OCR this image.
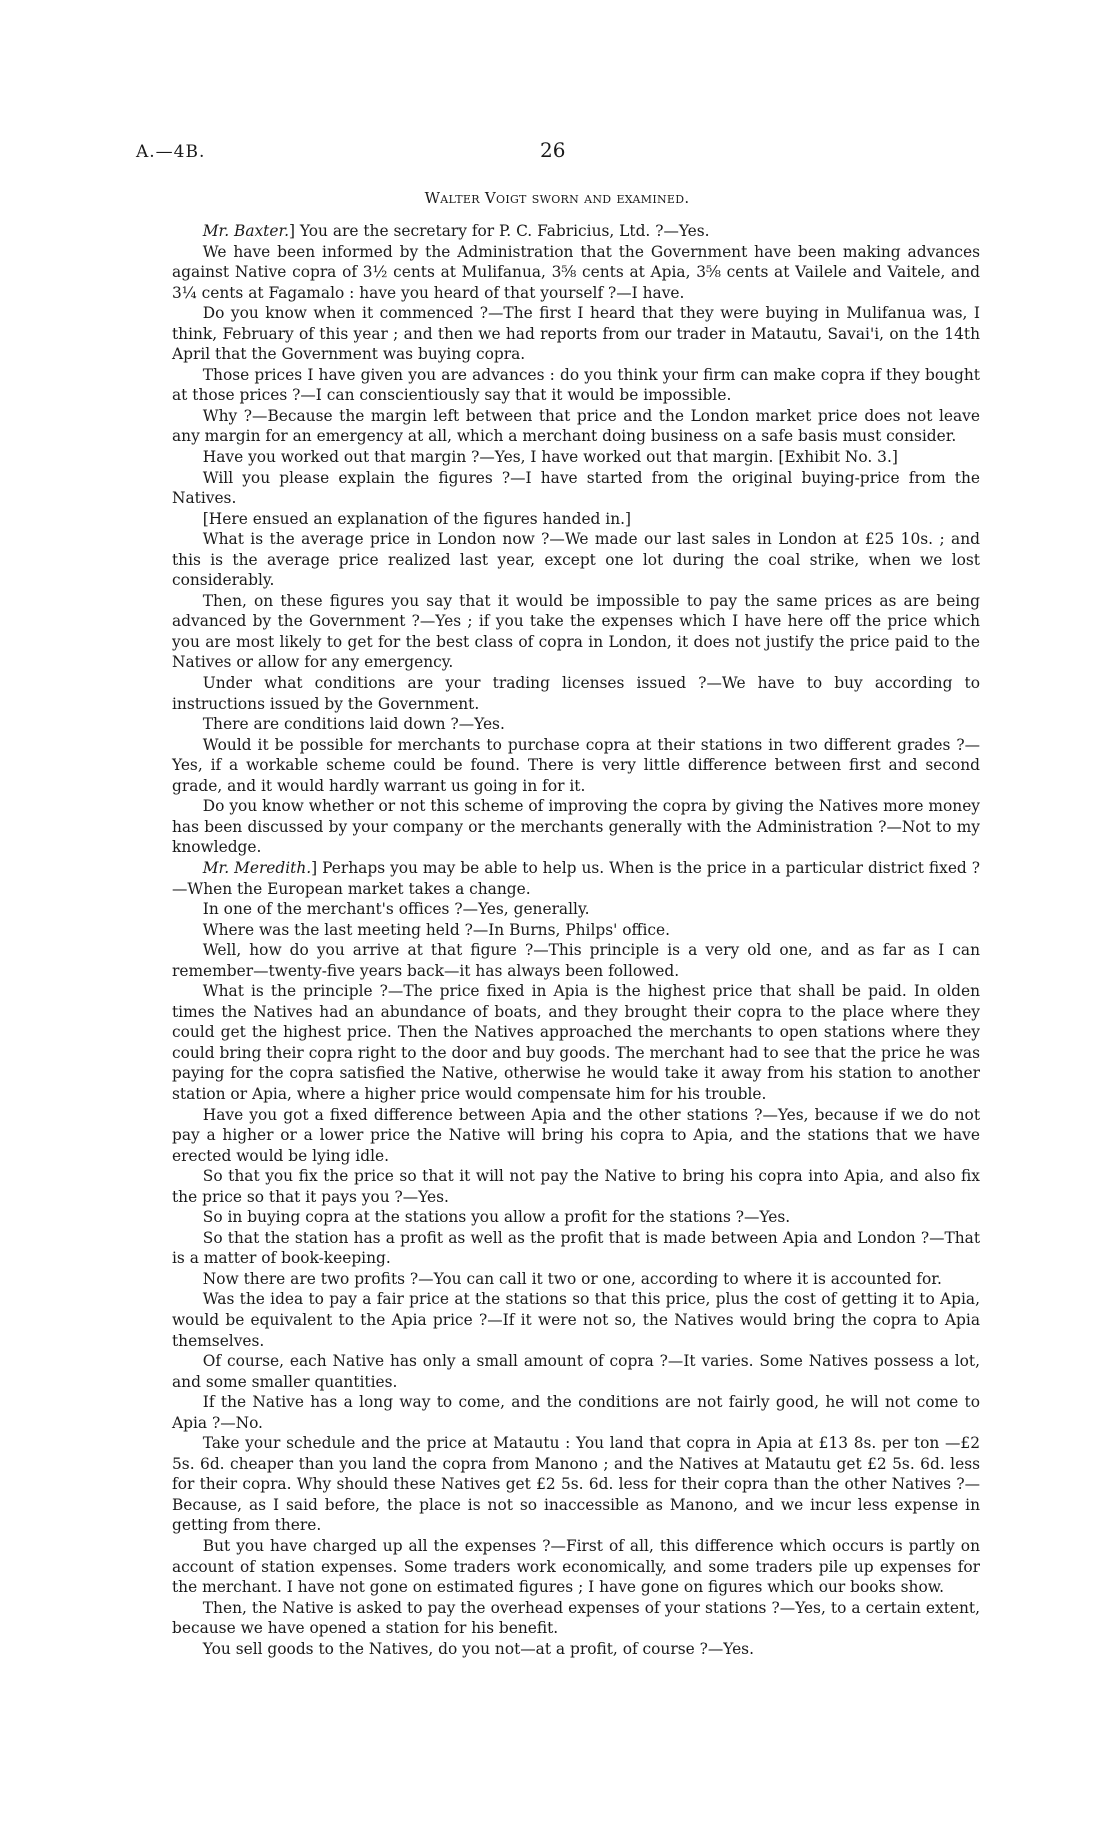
A.—4B.	26
Walter Voigt sworn and examined.

Mr. Baxter.] You are the secretary for P. C. Fabricius, Ltd. ?—Yes.

We have been informed by the Administration that the Government have been making advances against Native copra of 3½ cents at Mulifanua, 3⅝ cents at Apia, 3⅝ cents at Vailele and Vaitele, and 3¼ cents at Fagamalo : have you heard of that yourself ?—I have.

Do you know when it commenced ?—The first I heard that they were buying in Mulifanua was, I think, February of this year ; and then we had reports from our trader in Matautu, Savai'i, on the 14th April that the Government was buying copra.

Those prices I have given you are advances : do you think your firm can make copra if they bought at those prices ?—I can conscientiously say that it would be impossible.

Why ?—Because the margin left between that price and the London market price does not leave any margin for an emergency at all, which a merchant doing business on a safe basis must consider.

Have you worked out that margin ?—Yes, I have worked out that margin. [Exhibit No. 3.]

Will you please explain the figures ?—I have started from the original buying-price from the Natives.

[Here ensued an explanation of the figures handed in.]

What is the average price in London now ?—We made our last sales in London at £25 10s. ; and this is the average price realized last year, except one lot during the coal strike, when we lost considerably.

Then, on these figures you say that it would be impossible to pay the same prices as are being advanced by the Government ?—Yes ; if you take the expenses which I have here off the price which you are most likely to get for the best class of copra in London, it does not justify the price paid to the Natives or allow for any emergency.

Under what conditions are your trading licenses issued ?—We have to buy according to instructions issued by the Government.

There are conditions laid down ?—Yes.

Would it be possible for merchants to purchase copra at their stations in two different grades ?—Yes, if a workable scheme could be found. There is very little difference between first and second grade, and it would hardly warrant us going in for it.

Do you know whether or not this scheme of improving the copra by giving the Natives more money has been discussed by your company or the merchants generally with the Administration ?—Not to my knowledge.

Mr. Meredith.] Perhaps you may be able to help us. When is the price in a particular district fixed ?—When the European market takes a change.

In one of the merchant's offices ?—Yes, generally.

Where was the last meeting held ?—In Burns, Philps' office.

Well, how do you arrive at that figure ?—This principle is a very old one, and as far as I can remember—twenty-five years back—it has always been followed.

What is the principle ?—The price fixed in Apia is the highest price that shall be paid. In olden times the Natives had an abundance of boats, and they brought their copra to the place where they could get the highest price. Then the Natives approached the merchants to open stations where they could bring their copra right to the door and buy goods. The merchant had to see that the price he was paying for the copra satisfied the Native, otherwise he would take it away from his station to another station or Apia, where a higher price would compensate him for his trouble.

Have you got a fixed difference between Apia and the other stations ?—Yes, because if we do not pay a higher or a lower price the Native will bring his copra to Apia, and the stations that we have erected would be lying idle.

So that you fix the price so that it will not pay the Native to bring his copra into Apia, and also fix the price so that it pays you ?—Yes.

So in buying copra at the stations you allow a profit for the stations ?—Yes.

So that the station has a profit as well as the profit that is made between Apia and London ?—That is a matter of book-keeping.

Now there are two profits ?—You can call it two or one, according to where it is accounted for.

Was the idea to pay a fair price at the stations so that this price, plus the cost of getting it to Apia, would be equivalent to the Apia price ?—If it were not so, the Natives would bring the copra to Apia themselves.

Of course, each Native has only a small amount of copra ?—It varies. Some Natives possess a lot, and some smaller quantities.

If the Native has a long way to come, and the conditions are not fairly good, he will not come to Apia ?—No.

Take your schedule and the price at Matautu : You land that copra in Apia at £13 8s. per ton —£2 5s. 6d. cheaper than you land the copra from Manono ; and the Natives at Matautu get £2 5s. 6d. less for their copra. Why should these Natives get £2 5s. 6d. less for their copra than the other Natives ?—Because, as I said before, the place is not so inaccessible as Manono, and we incur less expense in getting from there.

But you have charged up all the expenses ?—First of all, this difference which occurs is partly on account of station expenses. Some traders work economically, and some traders pile up expenses for the merchant. I have not gone on estimated figures ; I have gone on figures which our books show.

Then, the Native is asked to pay the overhead expenses of your stations ?—Yes, to a certain extent, because we have opened a station for his benefit.

You sell goods to the Natives, do you not—at a profit, of course ?—Yes.
